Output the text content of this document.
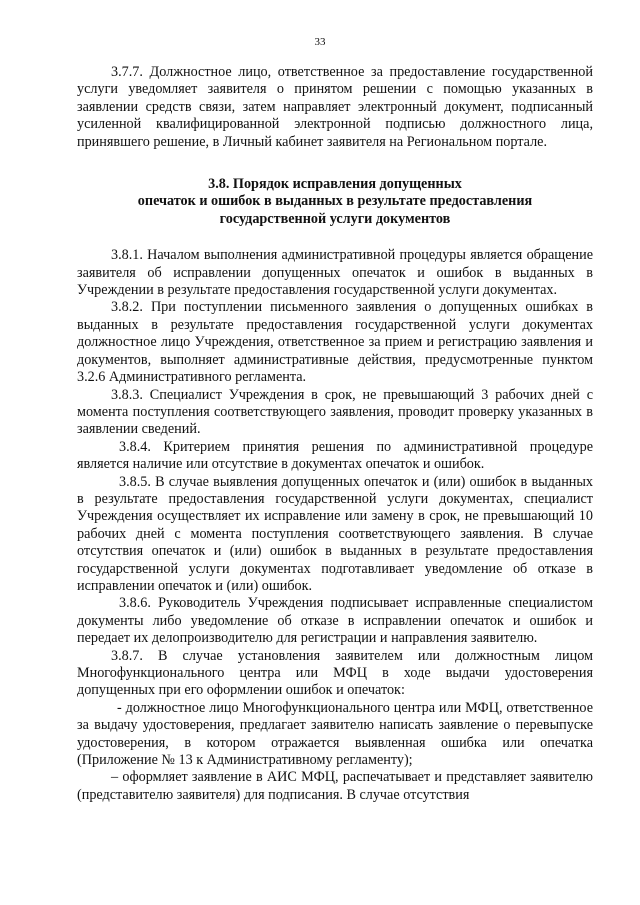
33

3.7.7. Должностное лицо, ответственное за предоставление государственной услуги уведомляет заявителя о принятом решении с помощью указанных в заявлении средств связи, затем направляет электронный документ, подписанный усиленной квалифицированной электронной подписью должностного лица, принявшего решение, в Личный кабинет заявителя на Региональном портале.

3.8. Порядок исправления допущенных
опечаток и ошибок в выданных в результате предоставления
государственной услуги документов

3.8.1. Началом выполнения административной процедуры является обращение заявителя об исправлении допущенных опечаток и ошибок в выданных в Учреждении в результате предоставления государственной услуги документах.

3.8.2. При поступлении письменного заявления о допущенных ошибках в выданных в результате предоставления государственной услуги документах должностное лицо Учреждения, ответственное за прием и регистрацию заявления и документов, выполняет административные действия, предусмотренные пунктом 3.2.6 Административного регламента.

3.8.3. Специалист Учреждения в срок, не превышающий 3 рабочих дней с момента поступления соответствующего заявления, проводит проверку указанных в заявлении сведений.

3.8.4. Критерием принятия решения по административной процедуре является наличие или отсутствие в документах опечаток и ошибок.

3.8.5. В случае выявления допущенных опечаток и (или) ошибок в выданных в результате предоставления государственной услуги документах, специалист Учреждения осуществляет их исправление или замену в срок, не превышающий 10 рабочих дней с момента поступления соответствующего заявления. В случае отсутствия опечаток и (или) ошибок в выданных в результате предоставления государственной услуги документах подготавливает уведомление об отказе в исправлении опечаток и (или) ошибок.

3.8.6. Руководитель Учреждения подписывает исправленные специалистом документы либо уведомление об отказе в исправлении опечаток и ошибок и передает их делопроизводителю для регистрации и направления заявителю.

3.8.7. В случае установления заявителем или должностным лицом Многофункционального центра или МФЦ в ходе выдачи удостоверения допущенных при его оформлении ошибок и опечаток:

- должностное лицо Многофункционального центра или МФЦ, ответственное за выдачу удостоверения, предлагает заявителю написать заявление о перевыпуске удостоверения, в котором отражается выявленная ошибка или опечатка (Приложение № 13 к Административному регламенту);

– оформляет заявление в АИС МФЦ, распечатывает и представляет заявителю (представителю заявителя) для подписания. В случае отсутствия
